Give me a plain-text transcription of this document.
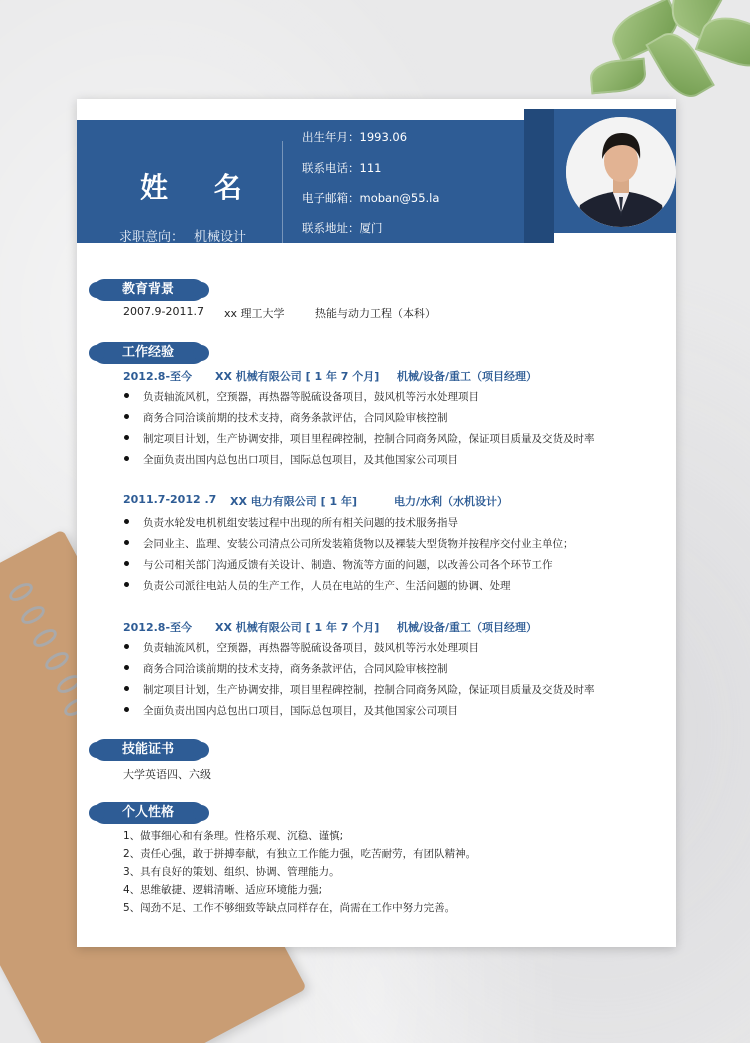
姓 名
求职意向： 机械设计
出生年月：1993.06
联系电话：111
电子邮箱：moban@55.la
联系地址：厦门
教育背景
2007.9-2011.7 xx 理工大学	热能与动力工程（本科）
工作经验
2012.8-至今 XX 机械有限公司 [ 1 年 7 个月] 机械/设备/重工（项目经理）
负责轴流风机，空预器，再热器等脱硫设备项目，鼓风机等污水处理项目
商务合同洽谈前期的技术支持，商务条款评估，合同风险审核控制
制定项目计划，生产协调安排，项目里程碑控制，控制合同商务风险，保证项目质量及交货及时率
全面负责出国内总包出口项目，国际总包项目，及其他国家公司项目
2011.7-2012 .7 XX 电力有限公司 [ 1 年]	电力/水利（水机设计）
负责水轮发电机机组安装过程中出现的所有相关问题的技术服务指导
会同业主、监理、安装公司清点公司所发装箱货物以及裸装大型货物并按程序交付业主单位；
与公司相关部门沟通反馈有关设计、制造、物流等方面的问题，以改善公司各个环节工作
负责公司派往电站人员的生产工作，人员在电站的生产、生活问题的协调、处理
2012.8-至今 XX 机械有限公司 [ 1 年 7 个月] 机械/设备/重工（项目经理）
负责轴流风机，空预器，再热器等脱硫设备项目，鼓风机等污水处理项目
商务合同洽谈前期的技术支持，商务条款评估，合同风险审核控制
制定项目计划，生产协调安排，项目里程碑控制，控制合同商务风险，保证项目质量及交货及时率
全面负责出国内总包出口项目，国际总包项目，及其他国家公司项目
技能证书
大学英语四、六级
个人性格
1、做事细心和有条理。性格乐观、沉稳、谨慎;
2、责任心强，敢于拼搏奉献，有独立工作能力强，吃苦耐劳，有团队精神。
3、具有良好的策划、组织、协调、管理能力。
4、思维敏捷、逻辑清晰、适应环境能力强;
5、闯劲不足、工作不够细致等缺点同样存在，尚需在工作中努力完善。
